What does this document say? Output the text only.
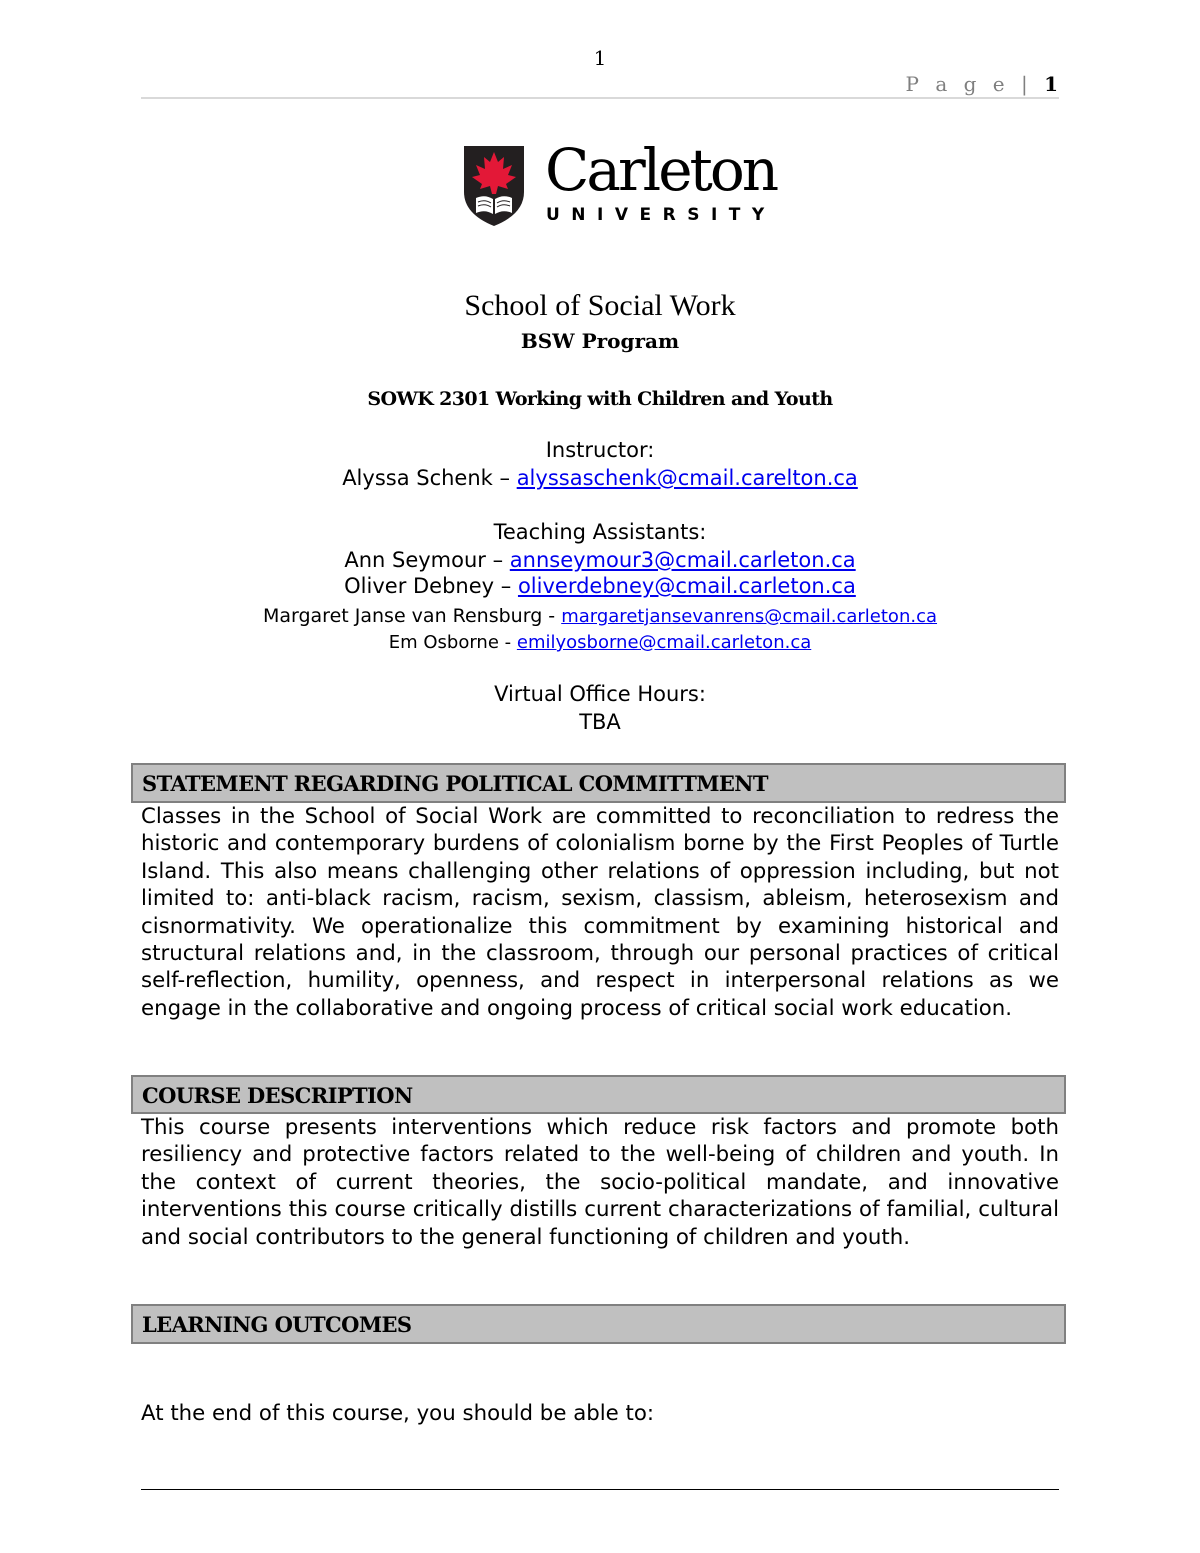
1
P a g e | 1
Carleton
UNIVERSITY
School of Social Work
BSW Program
SOWK 2301 Working with Children and Youth
Instructor:
Alyssa Schenk – alyssaschenk@cmail.carelton.ca
Teaching Assistants:
Ann Seymour – annseymour3@cmail.carleton.ca
Oliver Debney – oliverdebney@cmail.carleton.ca
Margaret Janse van Rensburg - margaretjansevanrens@cmail.carleton.ca
Em Osborne - emilyosborne@cmail.carleton.ca
Virtual Office Hours:
TBA
STATEMENT REGARDING POLITICAL COMMITTMENT
Classes in the School of Social Work are committed to reconciliation to redress the historic and contemporary burdens of colonialism borne by the First Peoples of Turtle Island. This also means challenging other relations of oppression including, but not limited to: anti-black racism, racism, sexism, classism, ableism, heterosexism and cisnormativity. We operationalize this commitment by examining historical and structural relations and, in the classroom, through our personal practices of critical self-reflection, humility, openness, and respect in interpersonal relations as we engage in the collaborative and ongoing process of critical social work education.
COURSE DESCRIPTION
This course presents interventions which reduce risk factors and promote both resiliency and protective factors related to the well-being of children and youth. In the context of current theories, the socio-political mandate, and innovative interventions this course critically distills current characterizations of familial, cultural and social contributors to the general functioning of children and youth.
LEARNING OUTCOMES
At the end of this course, you should be able to:
